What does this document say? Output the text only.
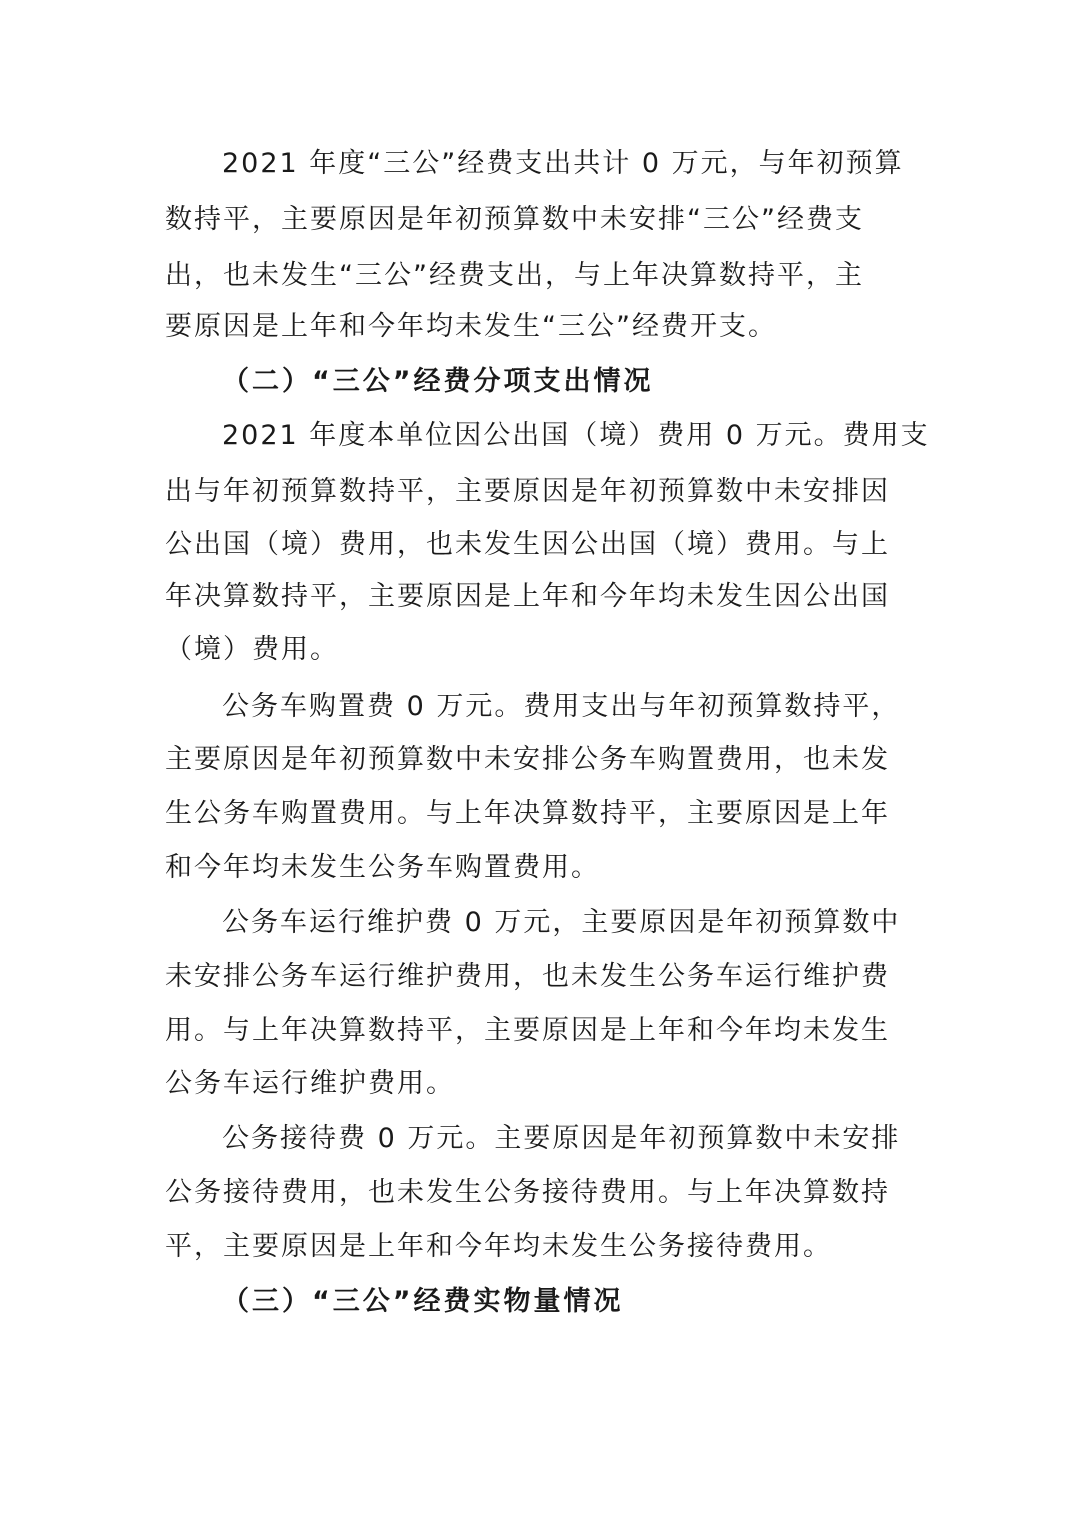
2021 年度“三公”经费支出共计 0 万元，与年初预算

数持平，主要原因是年初预算数中未安排“三公”经费支

出，也未发生“三公”经费支出，与上年决算数持平，主

要原因是上年和今年均未发生“三公”经费开支。

（二）“三公”经费分项支出情况

2021 年度本单位因公出国（境）费用 0 万元。费用支

出与年初预算数持平，主要原因是年初预算数中未安排因

公出国（境）费用，也未发生因公出国（境）费用。与上

年决算数持平，主要原因是上年和今年均未发生因公出国

（境）费用。

公务车购置费 0 万元。费用支出与年初预算数持平，

主要原因是年初预算数中未安排公务车购置费用，也未发

生公务车购置费用。与上年决算数持平，主要原因是上年

和今年均未发生公务车购置费用。

公务车运行维护费 0 万元，主要原因是年初预算数中

未安排公务车运行维护费用，也未发生公务车运行维护费

用。与上年决算数持平，主要原因是上年和今年均未发生

公务车运行维护费用。

公务接待费 0 万元。主要原因是年初预算数中未安排

公务接待费用，也未发生公务接待费用。与上年决算数持

平，主要原因是上年和今年均未发生公务接待费用。

（三）“三公”经费实物量情况
